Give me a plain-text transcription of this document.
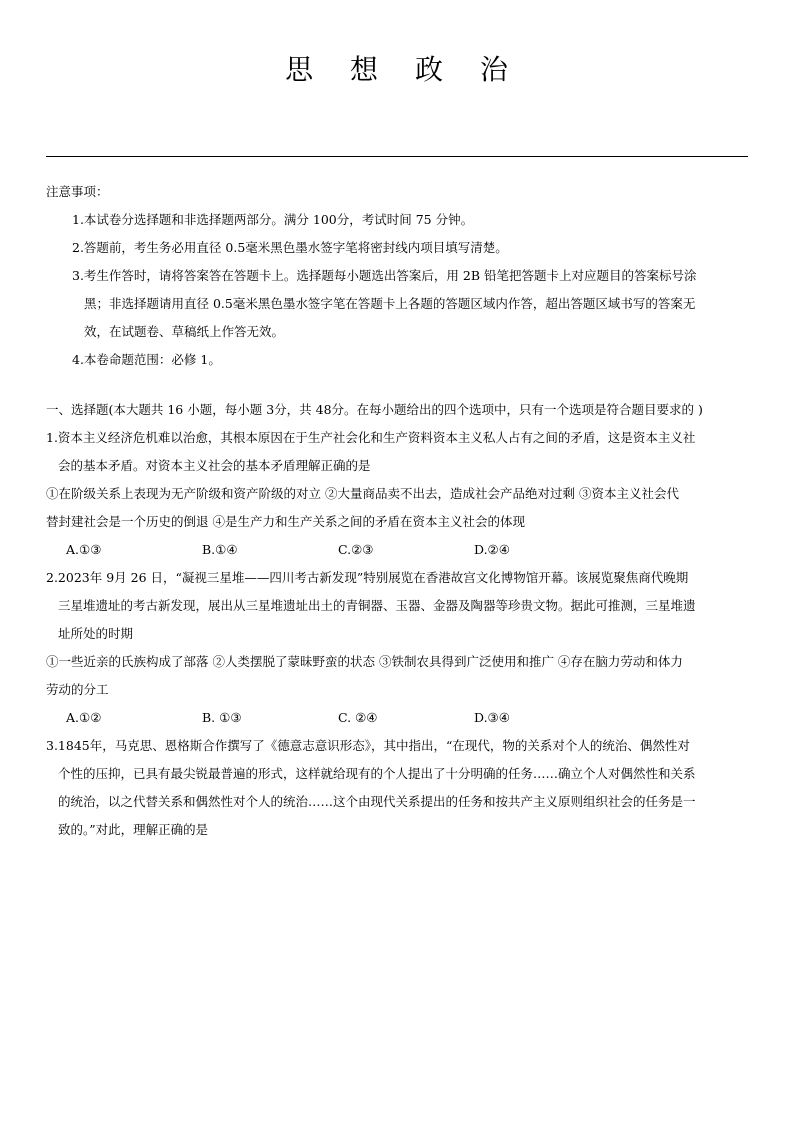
思 想 政 治

注意事项：

1.本试卷分选择题和非选择题两部分。满分 100分，考试时间 75 分钟。

2.答题前，考生务必用直径 0.5毫米黑色墨水签字笔将密封线内项目填写清楚。

3.考生作答时，请将答案答在答题卡上。选择题每小题选出答案后，用 2B 铅笔把答题卡上对应题目的答案标号涂
黑；非选择题请用直径 0.5毫米黑色墨水签字笔在答题卡上各题的答题区域内作答，超出答题区域书写的答案无
效，在试题卷、草稿纸上作答无效。

4.本卷命题范围：必修 1。

一、选择题(本大题共 16 小题，每小题 3分，共 48分。在每小题给出的四个选项中，只有一个选项是符合题目要求的 )

1.资本主义经济危机难以治愈，其根本原因在于生产社会化和生产资料资本主义私人占有之间的矛盾，这是资本主义社
会的基本矛盾。对资本主义社会的基本矛盾理解正确的是

①在阶级关系上表现为无产阶级和资产阶级的对立 ②大量商品卖不出去，造成社会产品绝对过剩 ③资本主义社会代
替封建社会是一个历史的倒退 ④是生产力和生产关系之间的矛盾在资本主义社会的体现

A.①③	B.①④	C.②③	D.②④

2.2023年 9月 26 日，“凝视三星堆——四川考古新发现”特别展览在香港故宫文化博物馆开幕。该展览聚焦商代晚期
三星堆遗址的考古新发现，展出从三星堆遗址出土的青铜器、玉器、金器及陶器等珍贵文物。据此可推测，三星堆遗
址所处的时期

①一些近亲的氏族构成了部落 ②人类摆脱了蒙昧野蛮的状态 ③铁制农具得到广泛使用和推广 ④存在脑力劳动和体力
劳动的分工

A.①②	B. ①③	C. ②④	D.③④

3.1845年，马克思、恩格斯合作撰写了《德意志意识形态》，其中指出，“在现代，物的关系对个人的统治、偶然性对
个性的压抑，已具有最尖锐最普遍的形式，这样就给现有的个人提出了十分明确的任务……确立个人对偶然性和关系
的统治，以之代替关系和偶然性对个人的统治……这个由现代关系提出的任务和按共产主义原则组织社会的任务是一
致的。”对此，理解正确的是
